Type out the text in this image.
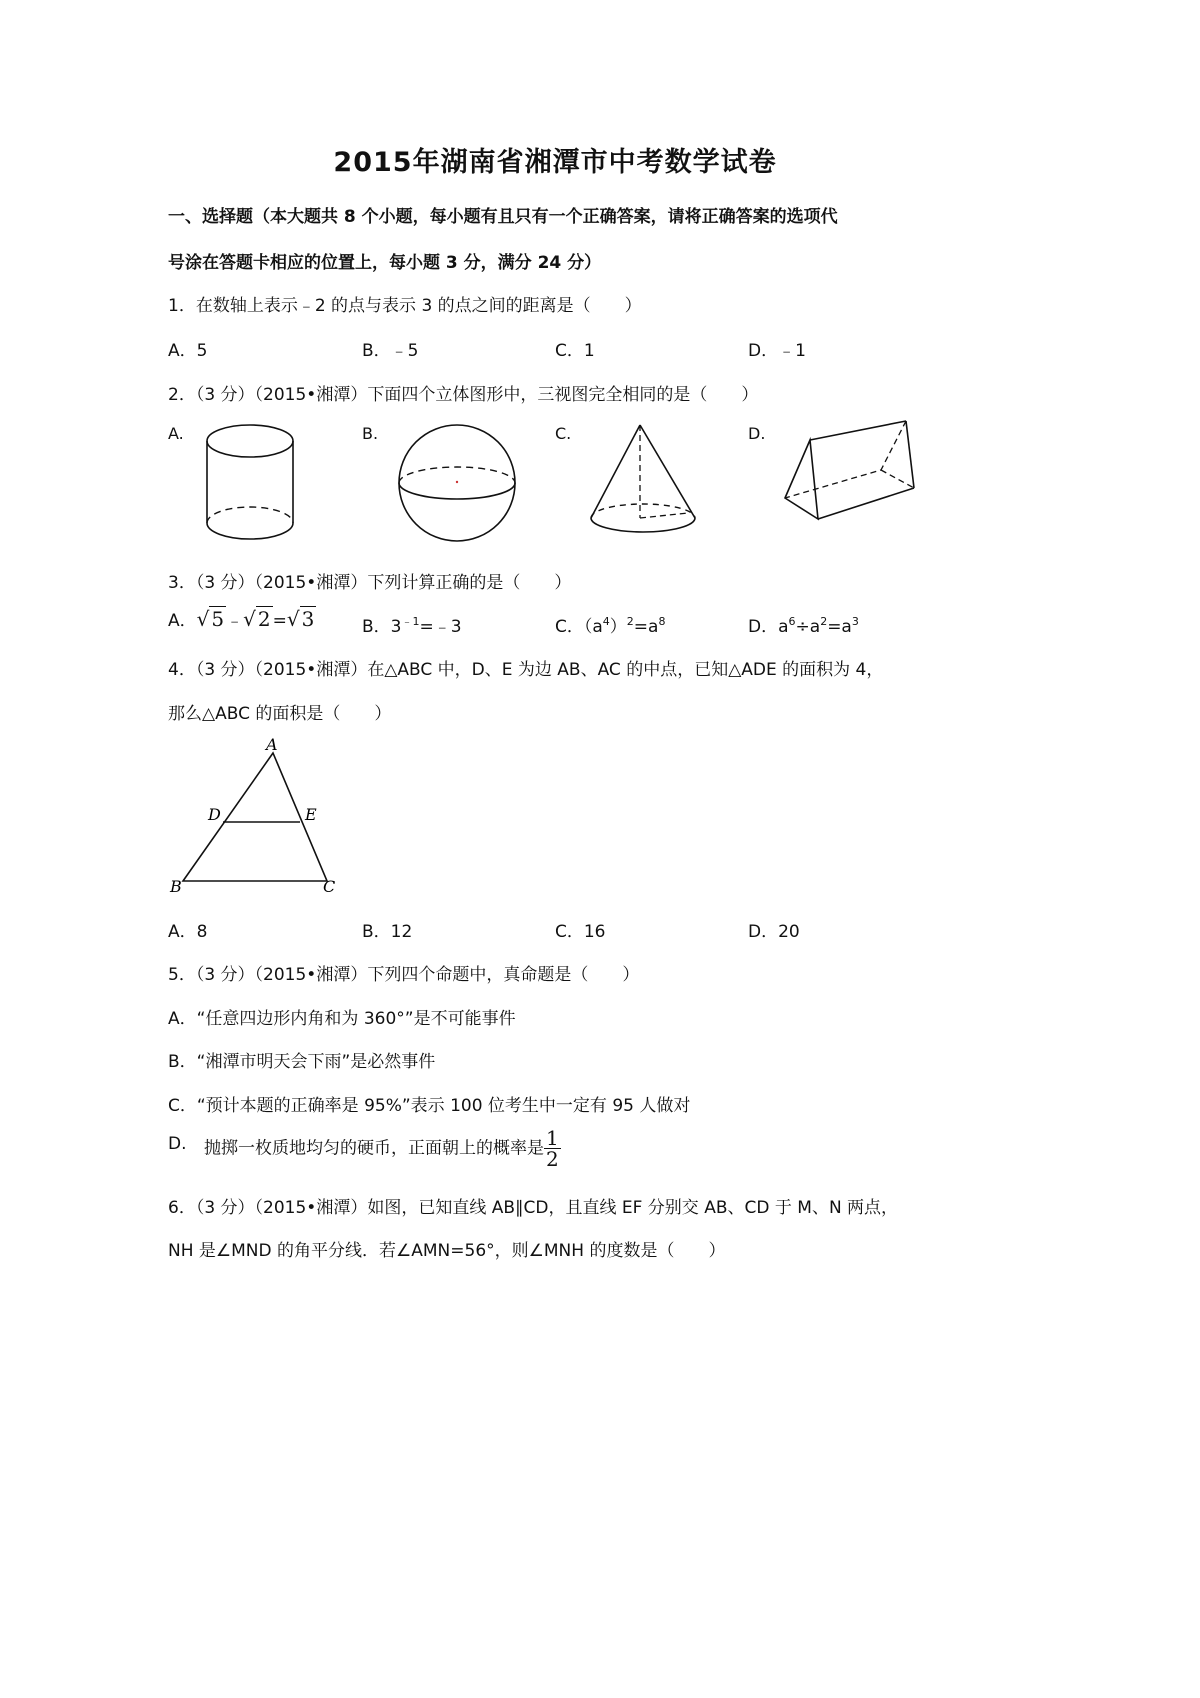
2015年湖南省湘潭市中考数学试卷
一、选择题（本大题共 8 个小题，每小题有且只有一个正确答案，请将正确答案的选项代
号涂在答题卡相应的位置上，每小题 3 分，满分 24 分）
1．在数轴上表示﹣2 的点与表示 3 的点之间的距离是（　　）
A．5	B．﹣5	C．1	D．﹣1
2．（3 分）（2015•湘潭）下面四个立体图形中，三视图完全相同的是（　　）
A.	B.	C.	D.
3．（3 分）（2015•湘潭）下列计算正确的是（　　）
A．√ 5 ﹣√ 2 =√ 3	B．$3^{﹣1}=﹣3$	C．$(a^4)^2=a^8$	D．$a^6\div a^2=a^3$
4．（3 分）（2015•湘潭）在△ABC 中，D、E 为边 AB、AC 的中点，已知△ADE 的面积为 4，
那么△ABC 的面积是（　　）
A
B	C
D	E
A．8	B．12	C．16	D．20
5．（3 分）（2015•湘潭）下列四个命题中，真命题是（　　）
A．“任意四边形内角和为 360°”是不可能事件
B．“湘潭市明天会下雨”是必然事件
C．“预计本题的正确率是 95%”表示 100 位考生中一定有 95 人做对
D. 抛掷一枚质地均匀的硬币，正面朝上的概率是 $\frac{1}{2}$
6．（3 分）（2015•湘潭）如图，已知直线 AB∥CD，且直线 EF 分别交 AB、CD 于 M、N 两点，
NH 是∠MND 的角平分线．若∠AMN=56°，则∠MNH 的度数是（　　）
